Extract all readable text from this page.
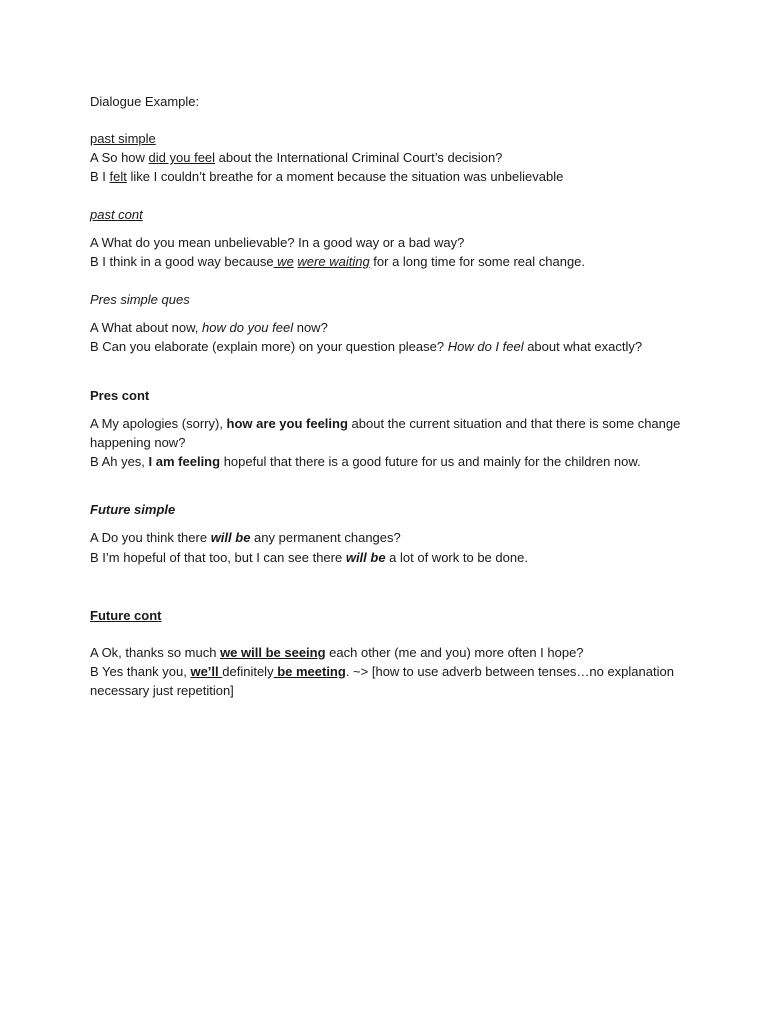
Dialogue Example:
past simple
A So how did you feel about the International Criminal Court’s decision?
B I felt like I couldn’t breathe for a moment because the situation was unbelievable
past cont
A What do you mean unbelievable? In a good way or a bad way?
B I think in a good way because we were waiting for a long time for some real change.
Pres simple ques
A What about now, how do you feel now?
B Can you elaborate (explain more) on your question please? How do I feel about what exactly?
Pres cont
A My apologies (sorry), how are you feeling about the current situation and that there is some change
happening now?
B Ah yes, I am feeling hopeful that there is a good future for us and mainly for the children now.
Future simple
A Do you think there will be any permanent changes?
B I’m hopeful of that too, but I can see there will be a lot of work to be done.
Future cont
A Ok, thanks so much we will be seeing each other (me and you) more often I hope?
B Yes thank you, we’ll definitely be meeting. ~> [how to use adverb between tenses…no explanation
necessary just repetition]
